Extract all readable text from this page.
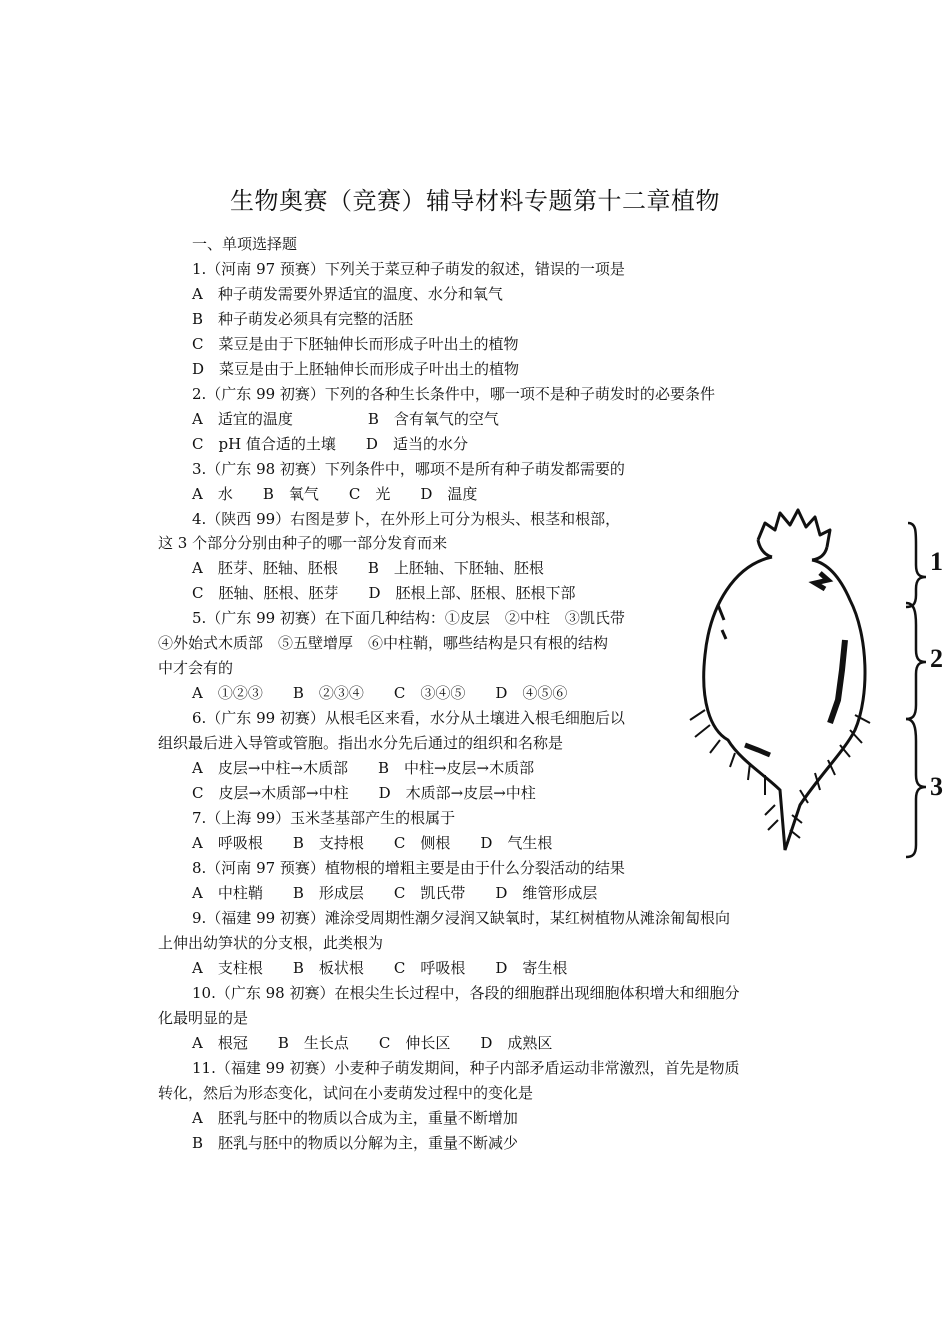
生物奥赛（竞赛）辅导材料专题第十二章植物
一、单项选择题
1.（河南 97 预赛）下列关于菜豆种子萌发的叙述，错误的一项是
A　种子萌发需要外界适宜的温度、水分和氧气
B　种子萌发必须具有完整的活胚
C　菜豆是由于下胚轴伸长而形成子叶出土的植物
D　菜豆是由于上胚轴伸长而形成子叶出土的植物
2.（广东 99 初赛）下列的各种生长条件中，哪一项不是种子萌发时的必要条件
A　适宜的温度　　　　　B　含有氧气的空气
C　pH 值合适的土壤　　D　适当的水分
3.（广东 98 初赛）下列条件中，哪项不是所有种子萌发都需要的
A　水　　B　氧气　　C　光　　D　温度
4.（陕西 99）右图是萝卜，在外形上可分为根头、根茎和根部，
这 3 个部分分别由种子的哪一部分发育而来
A　胚芽、胚轴、胚根　　B　上胚轴、下胚轴、胚根
C　胚轴、胚根、胚芽　　D　胚根上部、胚根、胚根下部
5.（广东 99 初赛）在下面几种结构：①皮层　②中柱　③凯氏带
④外始式木质部　⑤五壁增厚　⑥中柱鞘，哪些结构是只有根的结构
中才会有的
A　①②③　　B　②③④　　C　③④⑤　　D　④⑤⑥
6.（广东 99 初赛）从根毛区来看，水分从土壤进入根毛细胞后以
组织最后进入导管或管胞。指出水分先后通过的组织和名称是
A　皮层→中柱→木质部　　B　中柱→皮层→木质部
C　皮层→木质部→中柱　　D　木质部→皮层→中柱
7.（上海 99）玉米茎基部产生的根属于
A　呼吸根　　B　支持根　　C　侧根　　D　气生根
8.（河南 97 预赛）植物根的增粗主要是由于什么分裂活动的结果
A　中柱鞘　　B　形成层　　C　凯氏带　　D　维管形成层
9.（福建 99 初赛）滩涂受周期性潮夕浸润又缺氧时，某红树植物从滩涂匍匐根向
上伸出幼笋状的分支根，此类根为
A　支柱根　　B　板状根　　C　呼吸根　　D　寄生根
10.（广东 98 初赛）在根尖生长过程中，各段的细胞群出现细胞体积增大和细胞分
化最明显的是
A　根冠　　B　生长点　　C　伸长区　　D　成熟区
11.（福建 99 初赛）小麦种子萌发期间，种子内部矛盾运动非常激烈，首先是物质
转化，然后为形态变化，试问在小麦萌发过程中的变化是
A　胚乳与胚中的物质以合成为主，重量不断增加
B　胚乳与胚中的物质以分解为主，重量不断减少
1
2
3
